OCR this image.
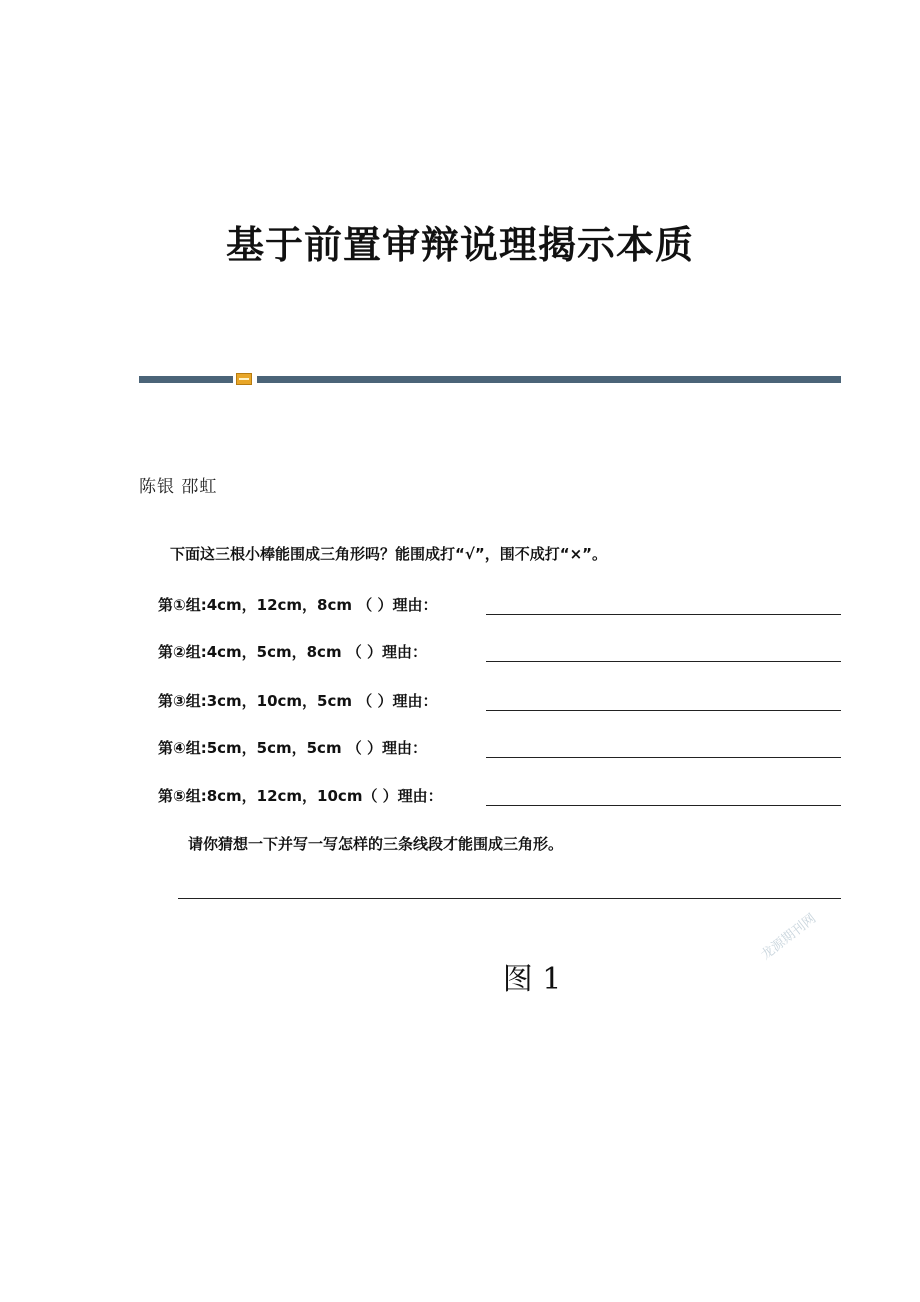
基于前置审辩说理揭示本质
陈银 邵虹
下面这三根小棒能围成三角形吗？能围成打“√”，围不成打“×”。
第①组:4cm，12cm，8cm （ ）理由：
第②组:4cm，5cm，8cm （ ）理由：
第③组:3cm，10cm，5cm （ ）理由：
第④组:5cm，5cm，5cm （ ）理由：
第⑤组:8cm，12cm，10cm（ ）理由：
请你猜想一下并写一写怎样的三条线段才能围成三角形。
图 1
龙源期刊网
